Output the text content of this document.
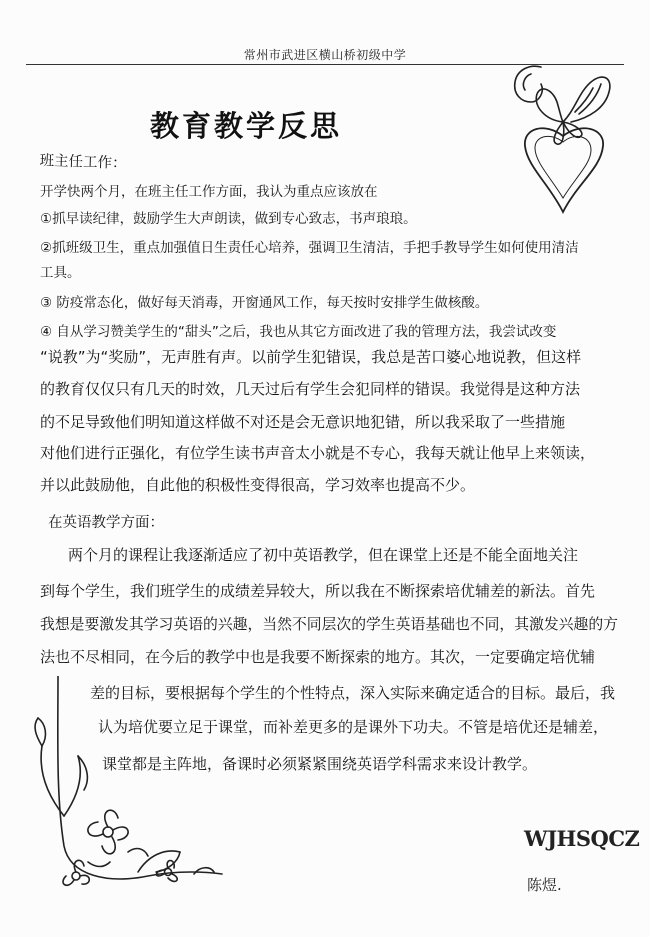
常州市武进区横山桥初级中学
教育教学反思
班主任工作：
开学快两个月，在班主任工作方面，我认为重点应该放在
①抓早读纪律，鼓励学生大声朗读，做到专心致志，书声琅琅。
②抓班级卫生，重点加强值日生责任心培养，强调卫生清洁，手把手教导学生如何使用清洁
工具。
③ 防疫常态化，做好每天消毒，开窗通风工作，每天按时安排学生做核酸。
④ 自从学习赞美学生的“甜头”之后，我也从其它方面改进了我的管理方法，我尝试改变
“说教”为“奖励”，无声胜有声。以前学生犯错误，我总是苦口婆心地说教，但这样
的教育仅仅只有几天的时效，几天过后有学生会犯同样的错误。我觉得是这种方法
的不足导致他们明知道这样做不对还是会无意识地犯错，所以我采取了一些措施
对他们进行正强化，有位学生读书声音太小就是不专心，我每天就让他早上来领读，
并以此鼓励他，自此他的积极性变得很高，学习效率也提高不少。
在英语教学方面：
两个月的课程让我逐渐适应了初中英语教学，但在课堂上还是不能全面地关注
到每个学生，我们班学生的成绩差异较大，所以我在不断探索培优辅差的新法。首先
我想是要激发其学习英语的兴趣，当然不同层次的学生英语基础也不同，其激发兴趣的方
法也不尽相同，在今后的教学中也是我要不断探索的地方。其次，一定要确定培优辅
差的目标，要根据每个学生的个性特点，深入实际来确定适合的目标。最后，我
认为培优要立足于课堂，而补差更多的是课外下功夫。不管是培优还是辅差，
课堂都是主阵地，备课时必须紧紧围绕英语学科需求来设计教学。
WJHSQCZ
陈煜.
